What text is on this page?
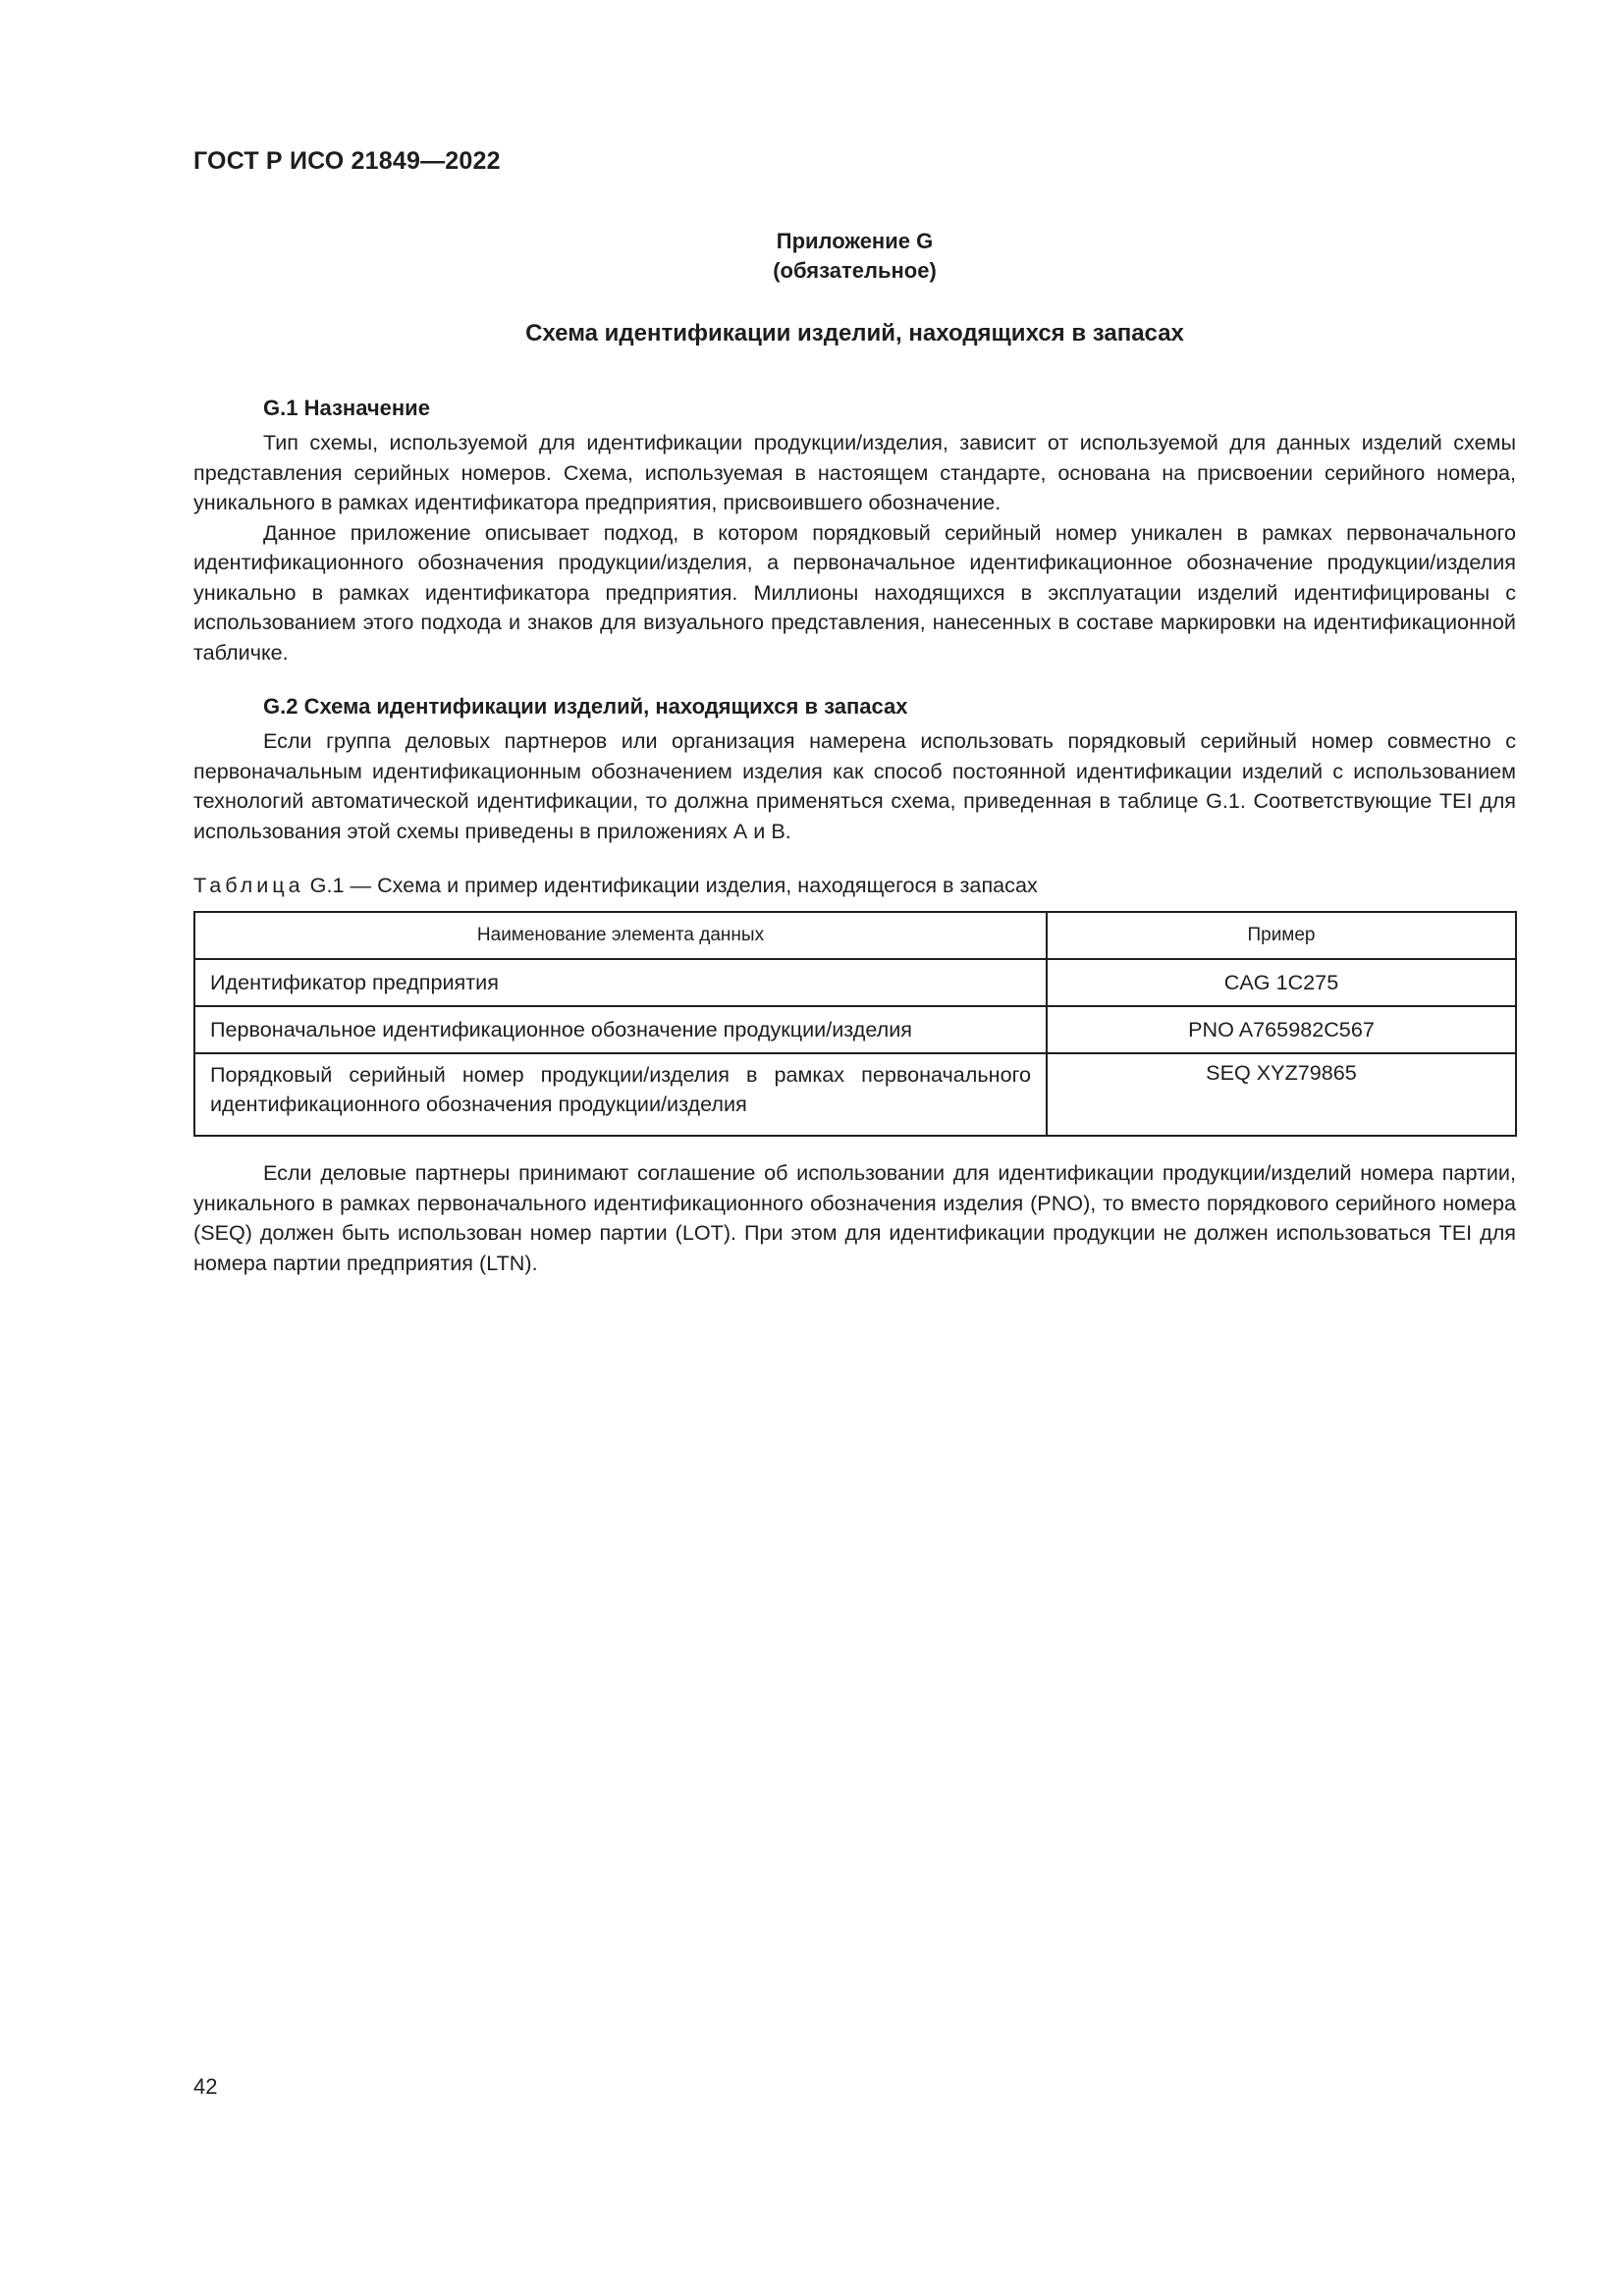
ГОСТ Р ИСО 21849—2022
Приложение G
(обязательное)
Схема идентификации изделий, находящихся в запасах
G.1 Назначение

Тип схемы, используемой для идентификации продукции/изделия, зависит от используемой для данных изделий схемы представления серийных номеров. Схема, используемая в настоящем стандарте, основана на присвоении серийного номера, уникального в рамках идентификатора предприятия, присвоившего обозначение.

Данное приложение описывает подход, в котором порядковый серийный номер уникален в рамках первоначального идентификационного обозначения продукции/изделия, а первоначальное идентификационное обозначение продукции/изделия уникально в рамках идентификатора предприятия. Миллионы находящихся в эксплуатации изделий идентифицированы с использованием этого подхода и знаков для визуального представления, нанесенных в составе маркировки на идентификационной табличке.

G.2 Схема идентификации изделий, находящихся в запасах

Если группа деловых партнеров или организация намерена использовать порядковый серийный номер совместно с первоначальным идентификационным обозначением изделия как способ постоянной идентификации изделий с использованием технологий автоматической идентификации, то должна применяться схема, приведенная в таблице G.1. Соответствующие TEI для использования этой схемы приведены в приложениях А и В.

Таблица G.1 — Схема и пример идентификации изделия, находящегося в запасах
Наименование элемента данных	Пример
Идентификатор предприятия	CAG 1C275
Первоначальное идентификационное обозначение продукции/изделия	PNO A765982C567
Порядковый серийный номер продукции/изделия в рамках первоначального идентификационного обозначения продукции/изделия	SEQ XYZ79865

Если деловые партнеры принимают соглашение об использовании для идентификации продукции/изделий номера партии, уникального в рамках первоначального идентификационного обозначения изделия (PNO), то вместо порядкового серийного номера (SEQ) должен быть использован номер партии (LOT). При этом для идентификации продукции не должен использоваться TEI для номера партии предприятия (LTN).

42
